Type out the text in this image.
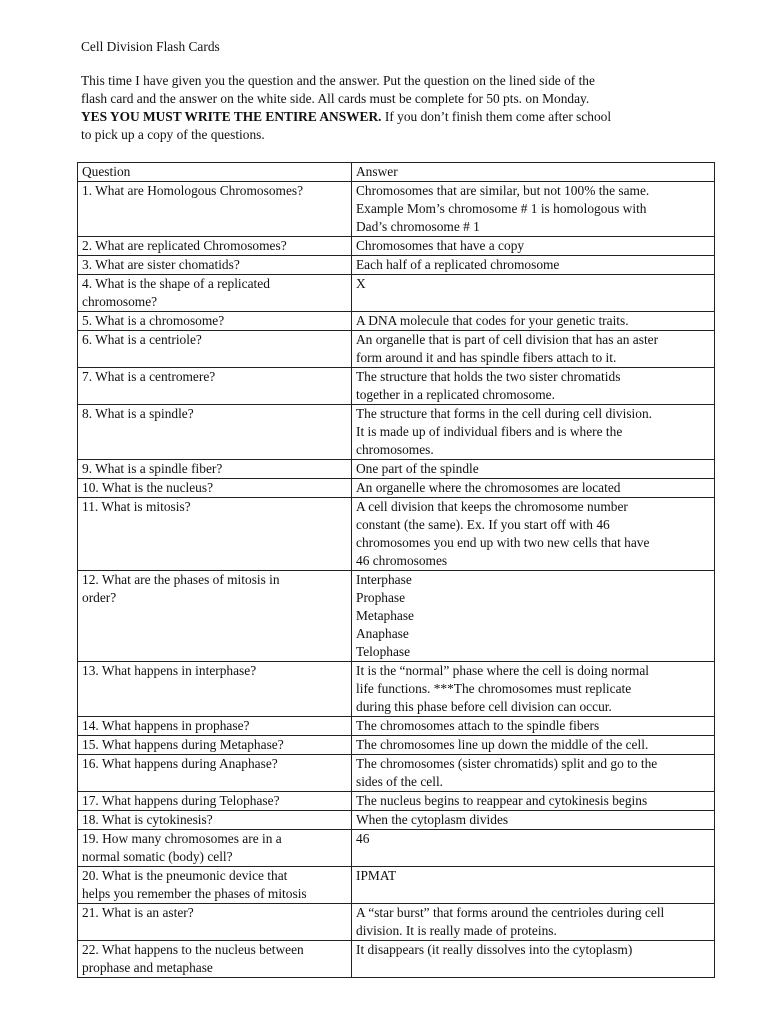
Cell Division Flash Cards
This time I have given you the question and the answer. Put the question on the lined side of the
flash card and the answer on the white side. All cards must be complete for 50 pts. on Monday.
YES YOU MUST WRITE THE ENTIRE ANSWER. If you don’t finish them come after school
to pick up a copy of the questions.
Question	Answer

1. What are Homologous Chromosomes?	Chromosomes that are similar, but not 100% the same.
Example Mom’s chromosome # 1 is homologous with
Dad’s chromosome # 1

2. What are replicated Chromosomes?	Chromosomes that have a copy

3. What are sister chomatids?	Each half of a replicated chromosome

4. What is the shape of a replicated
chromosome?	X

5. What is a chromosome?	A DNA molecule that codes for your genetic traits.

6. What is a centriole?	An organelle that is part of cell division that has an aster
form around it and has spindle fibers attach to it.

7. What is a centromere?	The structure that holds the two sister chromatids
together in a replicated chromosome.

8. What is a spindle?	The structure that forms in the cell during cell division.
It is made up of individual fibers and is where the
chromosomes.

9. What is a spindle fiber?	One part of the spindle

10. What is the nucleus?	An organelle where the chromosomes are located

11. What is mitosis?	A cell division that keeps the chromosome number
constant (the same). Ex. If you start off with 46
chromosomes you end up with two new cells that have
46 chromosomes

12. What are the phases of mitosis in
order?	Interphase
Prophase
Metaphase
Anaphase
Telophase

13. What happens in interphase?	It is the “normal” phase where the cell is doing normal
life functions. ***The chromosomes must replicate
during this phase before cell division can occur.

14. What happens in prophase?	The chromosomes attach to the spindle fibers

15. What happens during Metaphase?	The chromosomes line up down the middle of the cell.

16. What happens during Anaphase?	The chromosomes (sister chromatids) split and go to the
sides of the cell.

17. What happens during Telophase?	The nucleus begins to reappear and cytokinesis begins

18. What is cytokinesis?	When the cytoplasm divides

19. How many chromosomes are in a
normal somatic (body) cell?	46

20. What is the pneumonic device that
helps you remember the phases of mitosis	IPMAT

21. What is an aster?	A “star burst” that forms around the centrioles during cell
division. It is really made of proteins.

22. What happens to the nucleus between
prophase and metaphase	It disappears (it really dissolves into the cytoplasm)
